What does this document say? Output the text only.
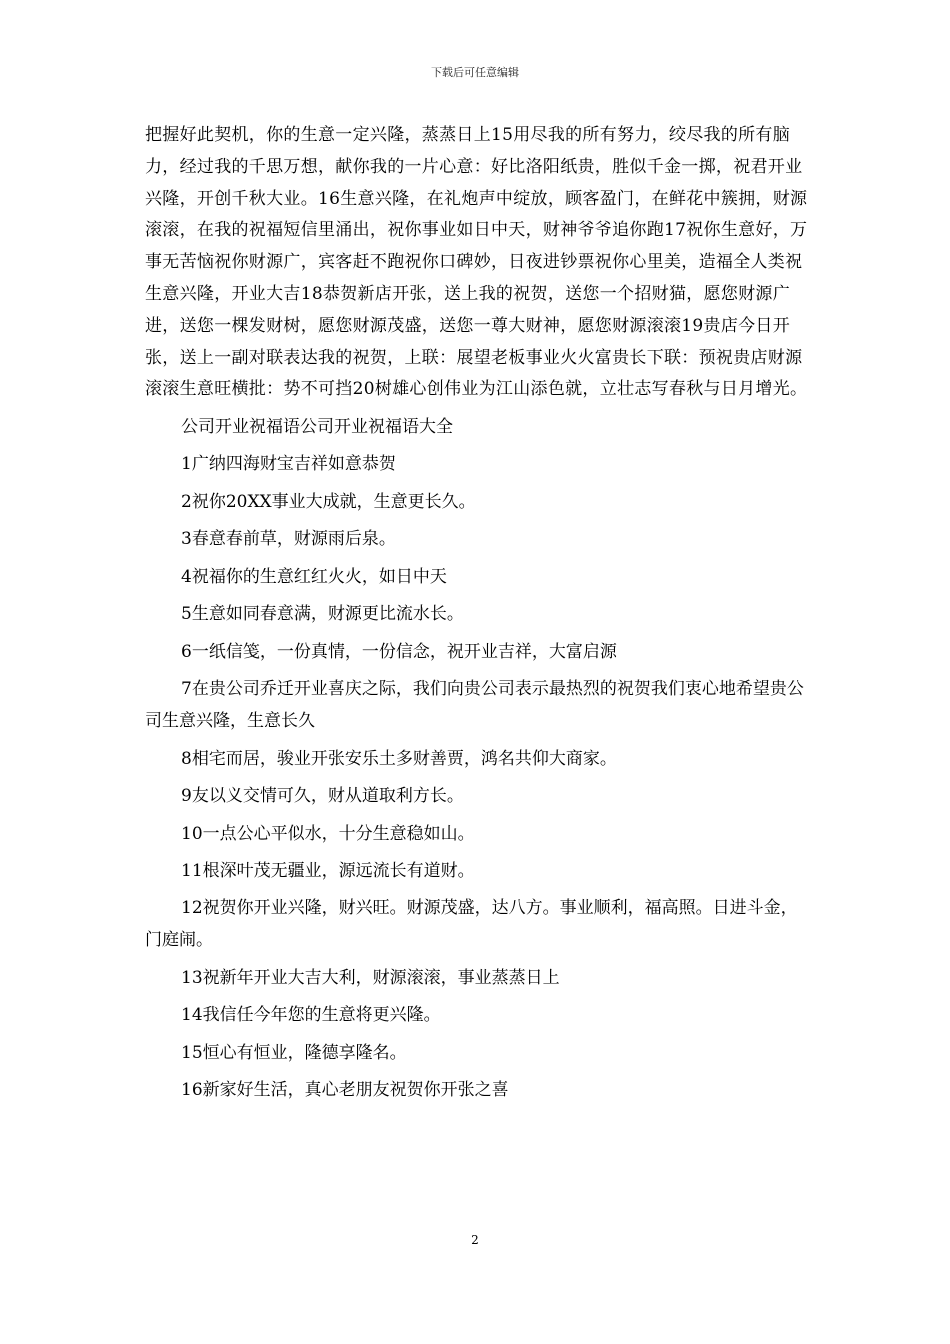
下载后可任意编辑

把握好此契机，你的生意一定兴隆，蒸蒸日上15用尽我的所有努力，绞尽我的所有脑力，经过我的千思万想，献你我的一片心意：好比洛阳纸贵，胜似千金一掷，祝君开业兴隆，开创千秋大业。16生意兴隆，在礼炮声中绽放，顾客盈门，在鲜花中簇拥，财源滚滚，在我的祝福短信里涌出，祝你事业如日中天，财神爷爷追你跑17祝你生意好，万事无苦恼祝你财源广，宾客赶不跑祝你口碑妙，日夜进钞票祝你心里美，造福全人类祝生意兴隆，开业大吉18恭贺新店开张，送上我的祝贺，送您一个招财猫，愿您财源广进，送您一棵发财树，愿您财源茂盛，送您一尊大财神，愿您财源滚滚19贵店今日开张，送上一副对联表达我的祝贺，上联：展望老板事业火火富贵长下联：预祝贵店财源滚滚生意旺横批：势不可挡20树雄心创伟业为江山添色就，立壮志写春秋与日月增光。

公司开业祝福语公司开业祝福语大全

1广纳四海财宝吉祥如意恭贺

2祝你20XX事业大成就，生意更长久。

3春意春前草，财源雨后泉。

4祝福你的生意红红火火，如日中天

5生意如同春意满，财源更比流水长。

6一纸信笺，一份真情，一份信念，祝开业吉祥，大富启源

7在贵公司乔迁开业喜庆之际，我们向贵公司表示最热烈的祝贺我们衷心地希望贵公司生意兴隆，生意长久

8相宅而居，骏业开张安乐土多财善贾，鸿名共仰大商家。

9友以义交情可久，财从道取利方长。

10一点公心平似水，十分生意稳如山。

11根深叶茂无疆业，源远流长有道财。

12祝贺你开业兴隆，财兴旺。财源茂盛，达八方。事业顺利，福高照。日进斗金，门庭闹。

13祝新年开业大吉大利，财源滚滚，事业蒸蒸日上

14我信任今年您的生意将更兴隆。

15恒心有恒业，隆德享隆名。

16新家好生活，真心老朋友祝贺你开张之喜

2
